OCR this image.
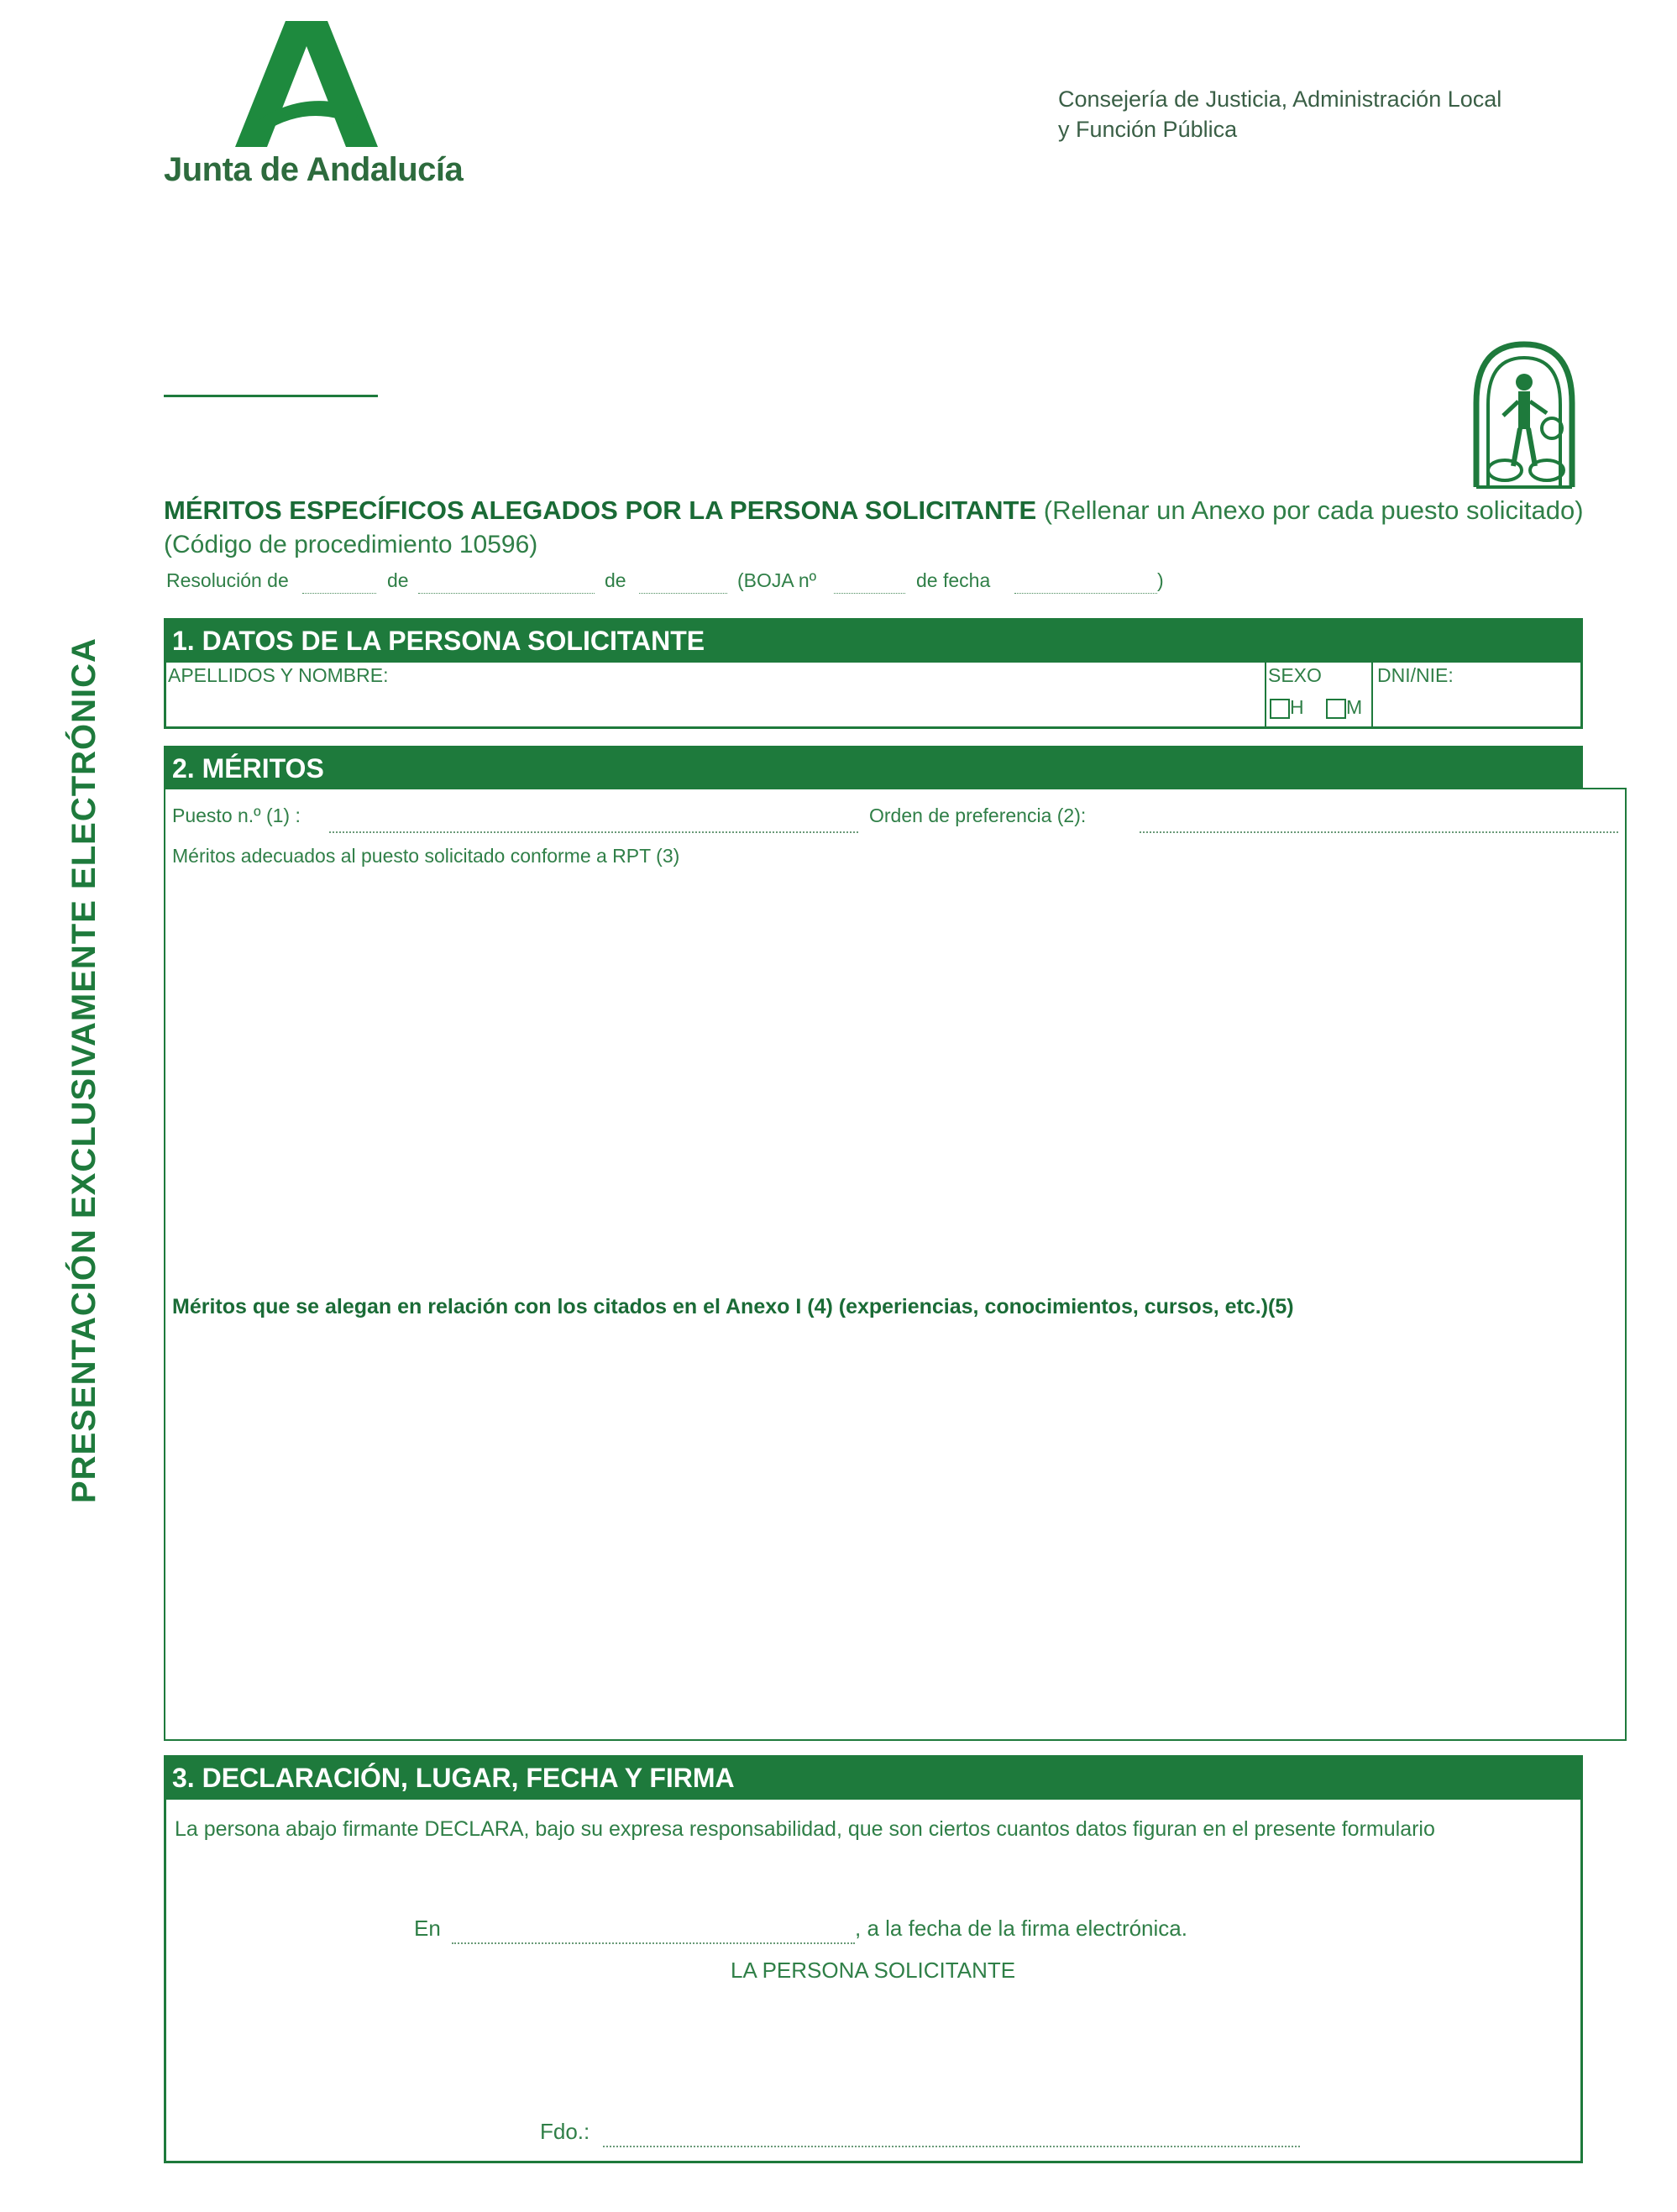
Junta de Andalucía
Consejería de Justicia, Administración Local
y Función Pública
PRESENTACIÓN EXCLUSIVAMENTE ELECTRÓNICA
MÉRITOS ESPECÍFICOS ALEGADOS POR LA PERSONA SOLICITANTE (Rellenar un Anexo por cada puesto solicitado)
(Código de procedimiento 10596)
Resolución de	de	de	(BOJA nº	de fecha	)
1. DATOS DE LA PERSONA SOLICITANTE
APELLIDOS Y NOMBRE:	SEXO
H M
DNI/NIE:
2. MÉRITOS
Puesto n.º (1) :	Orden de preferencia (2):
Méritos adecuados al puesto solicitado conforme a RPT (3)
Méritos que se alegan en relación con los citados en el Anexo I (4) (experiencias, conocimientos, cursos, etc.)(5)
3. DECLARACIÓN, LUGAR, FECHA Y FIRMA
La persona abajo firmante DECLARA, bajo su expresa responsabilidad, que son ciertos cuantos datos figuran en el presente formulario
En	, a la fecha de la firma electrónica.
LA PERSONA SOLICITANTE
Fdo.:
